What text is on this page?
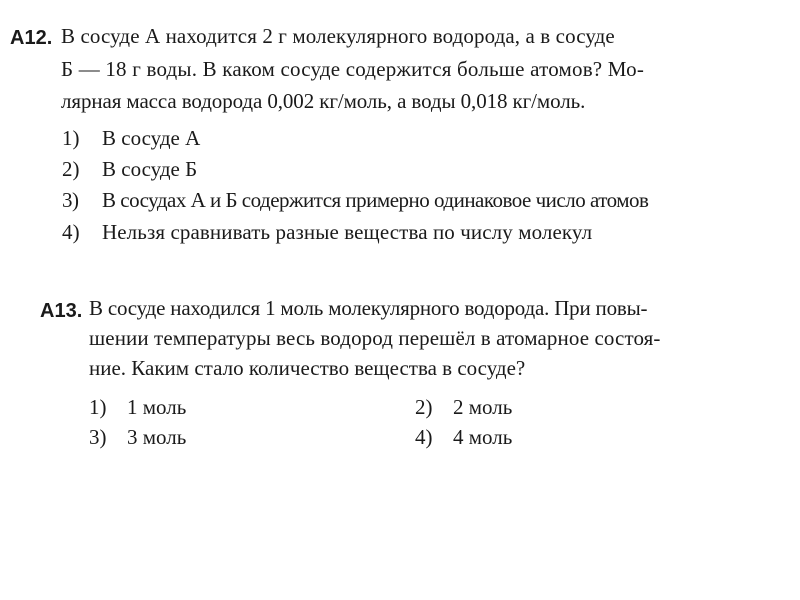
A12. В сосуде А находится 2 г молекулярного водорода, а в сосуде
Б — 18 г воды. В каком сосуде содержится больше атомов? Мо-
лярная масса водорода 0,002 кг/моль, а воды 0,018 кг/моль.
1) В сосуде А
2) В сосуде Б
3) В сосудах А и Б содержится примерно одинаковое число атомов
4) Нельзя сравнивать разные вещества по числу молекул
A13. В сосуде находился 1 моль молекулярного водорода. При повы-
шении температуры весь водород перешёл в атомарное состоя-
ние. Каким стало количество вещества в сосуде?
1) 1 моль	2) 2 моль
3) 3 моль	4) 4 моль
